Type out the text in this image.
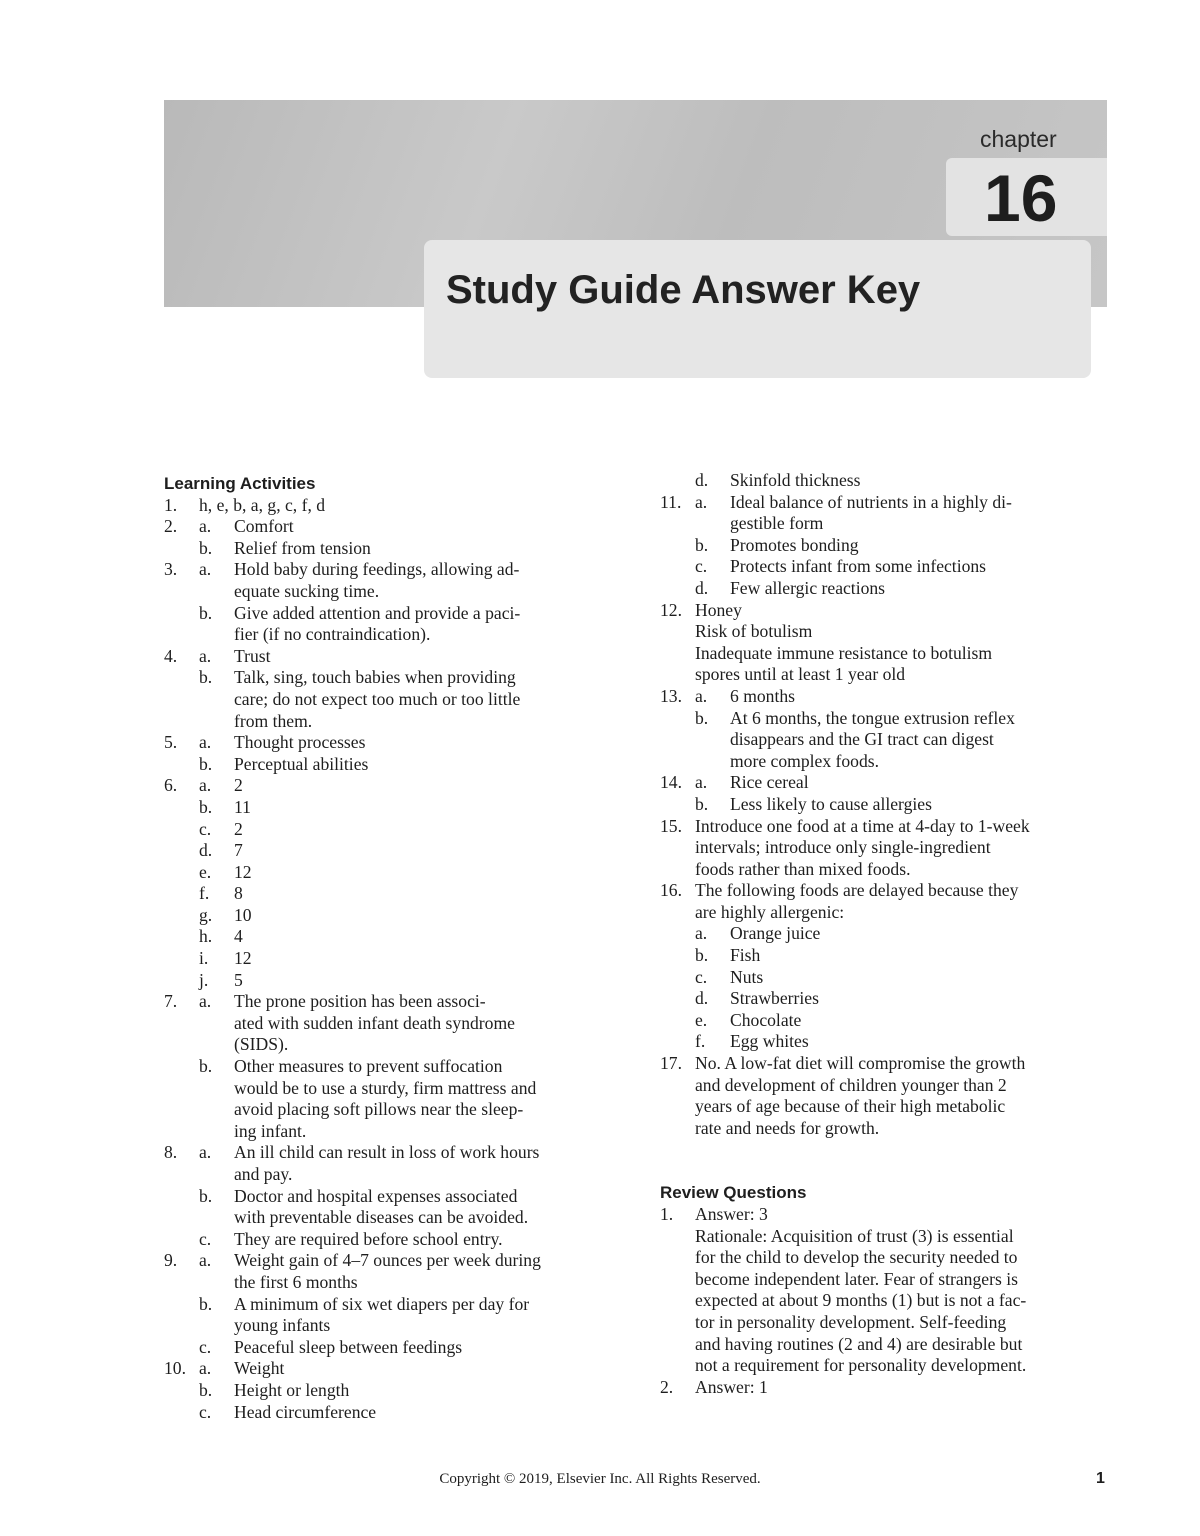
Study Guide Answer Key
chapter
16
Learning Activities
1.	h, e, b, a, g, c, f, d
2.	a.	Comfort
b.	Relief from tension
3.	a.	Hold baby during feedings, allowing ad-
equate sucking time.
b.	Give added attention and provide a paci-
fier (if no contraindication).
4.	a.	Trust
b.	Talk, sing, touch babies when providing
care; do not expect too much or too little
from them.
5.	a.	Thought processes
b.	Perceptual abilities
6.	a.	2
b.	11
c.	2
d.	7
e.	12
f.	8
g.	10
h.	4
i.	12
j.	5
7.	a.	The prone position has been associ-
ated with sudden infant death syndrome
(SIDS).
b.	Other measures to prevent suffocation
would be to use a sturdy, firm mattress and
avoid placing soft pillows near the sleep-
ing infant.
8.	a.	An ill child can result in loss of work hours
and pay.
b.	Doctor and hospital expenses associated
with preventable diseases can be avoided.
c.	They are required before school entry.
9.	a.	Weight gain of 4–7 ounces per week during
the first 6 months
b.	A minimum of six wet diapers per day for
young infants
c.	Peaceful sleep between feedings
10. a.	Weight
b.	Height or length
c.	Head circumference
d.	Skinfold thickness
11. a.	Ideal balance of nutrients in a highly di-
gestible form
b.	Promotes bonding
c.	Protects infant from some infections
d.	Few allergic reactions
12. Honey
Risk of botulism
Inadequate immune resistance to botulism
spores until at least 1 year old
13. a.	6 months
b.	At 6 months, the tongue extrusion reflex
disappears and the GI tract can digest
more complex foods.
14. a.	Rice cereal
b.	Less likely to cause allergies
15. Introduce one food at a time at 4-day to 1-week
intervals; introduce only single-ingredient
foods rather than mixed foods.
16. The following foods are delayed because they
are highly allergenic:
a.	Orange juice
b.	Fish
c.	Nuts
d.	Strawberries
e.	Chocolate
f.	Egg whites
17. No. A low-fat diet will compromise the growth
and development of children younger than 2
years of age because of their high metabolic
rate and needs for growth.
Review Questions
1.	Answer: 3
Rationale: Acquisition of trust (3) is essential
for the child to develop the security needed to
become independent later. Fear of strangers is
expected at about 9 months (1) but is not a fac-
tor in personality development. Self-feeding
and having routines (2 and 4) are desirable but
not a requirement for personality development.
2.	Answer: 1
Copyright © 2019, Elsevier Inc. All Rights Reserved.	1
